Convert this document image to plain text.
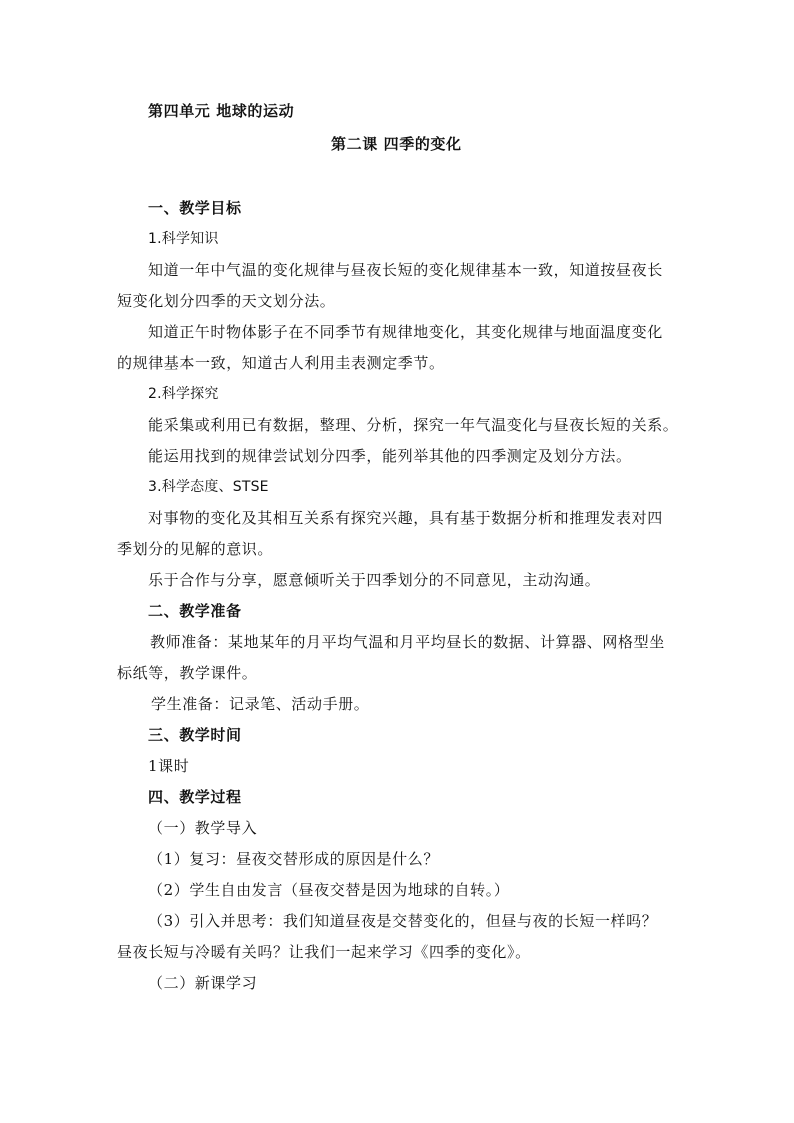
第四单元 地球的运动
第二课 四季的变化
一、教学目标
1.科学知识
知道一年中气温的变化规律与昼夜长短的变化规律基本一致，知道按昼夜长
短变化划分四季的天文划分法。
知道正午时物体影子在不同季节有规律地变化，其变化规律与地面温度变化
的规律基本一致，知道古人利用圭表测定季节。
2.科学探究
能采集或利用已有数据，整理、分析，探究一年气温变化与昼夜长短的关系。
能运用找到的规律尝试划分四季，能列举其他的四季测定及划分方法。
3.科学态度、STSE
对事物的变化及其相互关系有探究兴趣，具有基于数据分析和推理发表对四
季划分的见解的意识。
乐于合作与分享，愿意倾听关于四季划分的不同意见，主动沟通。
二、教学准备
教师准备：某地某年的月平均气温和月平均昼长的数据、计算器、网格型坐
标纸等，教学课件。
学生准备：记录笔、活动手册。
三、教学时间
1课时
四、教学过程
（一）教学导入
（1）复习：昼夜交替形成的原因是什么？
（2）学生自由发言（昼夜交替是因为地球的自转。）
（3）引入并思考：我们知道昼夜是交替变化的，但昼与夜的长短一样吗？
昼夜长短与冷暖有关吗？让我们一起来学习《四季的变化》。
（二）新课学习
